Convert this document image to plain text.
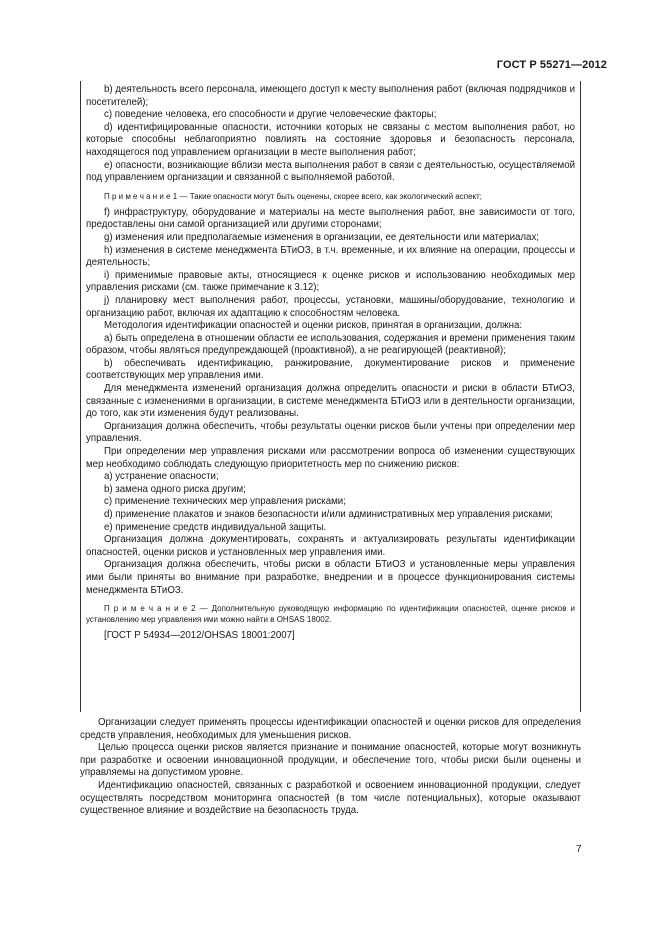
ГОСТ Р 55271—2012

b) деятельность всего персонала, имеющего доступ к месту выполнения работ (включая подрядчиков и посетителей);

c) поведение человека, его способности и другие человеческие факторы;

d) идентифицированные опасности, источники которых не связаны с местом выполнения работ, но которые способны неблагоприятно повлиять на состояние здоровья и безопасность персонала, находящегося под управлением организации в месте выполнения работ;

e) опасности, возникающие вблизи места выполнения работ в связи с деятельностью, осуществляемой под управлением организации и связанной с выполняемой работой.

П р и м е ч а н и е 1 — Такие опасности могут быть оценены, скорее всего, как экологический аспект;

f) инфраструктуру, оборудование и материалы на месте выполнения работ, вне зависимости от того, предоставлены они самой организацией или другими сторонами;

g) изменения или предполагаемые изменения в организации, ее деятельности или материалах;

h) изменения в системе менеджмента БТиОЗ, в т.ч. временные, и их влияние на операции, процессы и деятельность;

i) применимые правовые акты, относящиеся к оценке рисков и использованию необходимых мер управления рисками (см. также примечание к 3.12);

j) планировку мест выполнения работ, процессы, установки, машины/оборудование, технологию и организацию работ, включая их адаптацию к способностям человека.

Методология идентификации опасностей и оценки рисков, принятая в организации, должна:

a) быть определена в отношении области ее использования, содержания и времени применения таким образом, чтобы являться предупреждающей (проактивной), а не реагирующей (реактивной);

b) обеспечивать идентификацию, ранжирование, документирование рисков и применение соответствующих мер управления ими.

Для менеджмента изменений организация должна определить опасности и риски в области БТиОЗ, связанные с изменениями в организации, в системе менеджмента БТиОЗ или в деятельности организации, до того, как эти изменения будут реализованы.

Организация должна обеспечить, чтобы результаты оценки рисков были учтены при определении мер управления.

При определении мер управления рисками или рассмотрении вопроса об изменении существующих мер необходимо соблюдать следующую приоритетность мер по снижению рисков:

a) устранение опасности;

b) замена одного риска другим;

c) применение технических мер управления рисками;

d) применение плакатов и знаков безопасности и/или административных мер управления рисками;

e) применение средств индивидуальной защиты.

Организация должна документировать, сохранять и актуализировать результаты идентификации опасностей, оценки рисков и установленных мер управления ими.

Организация должна обеспечить, чтобы риски в области БТиОЗ и установленные меры управления ими были приняты во внимание при разработке, внедрении и в процессе функционирования системы менеджмента БТиОЗ.

П р и м е ч а н и е 2 — Дополнительную руководящую информацию по идентификации опасностей, оценке рисков и установлению мер управления ими можно найти в OHSAS 18002.

[ГОСТ Р 54934—2012/OHSAS 18001:2007]

Организации следует применять процессы идентификации опасностей и оценки рисков для определения средств управления, необходимых для уменьшения рисков.

Целью процесса оценки рисков является признание и понимание опасностей, которые могут возникнуть при разработке и освоении инновационной продукции, и обеспечение того, чтобы риски были оценены и управляемы на допустимом уровне.

Идентификацию опасностей, связанных с разработкой и освоением инновационной продукции, следует осуществлять посредством мониторинга опасностей (в том числе потенциальных), которые оказывают существенное влияние и воздействие на безопасность труда.

7
